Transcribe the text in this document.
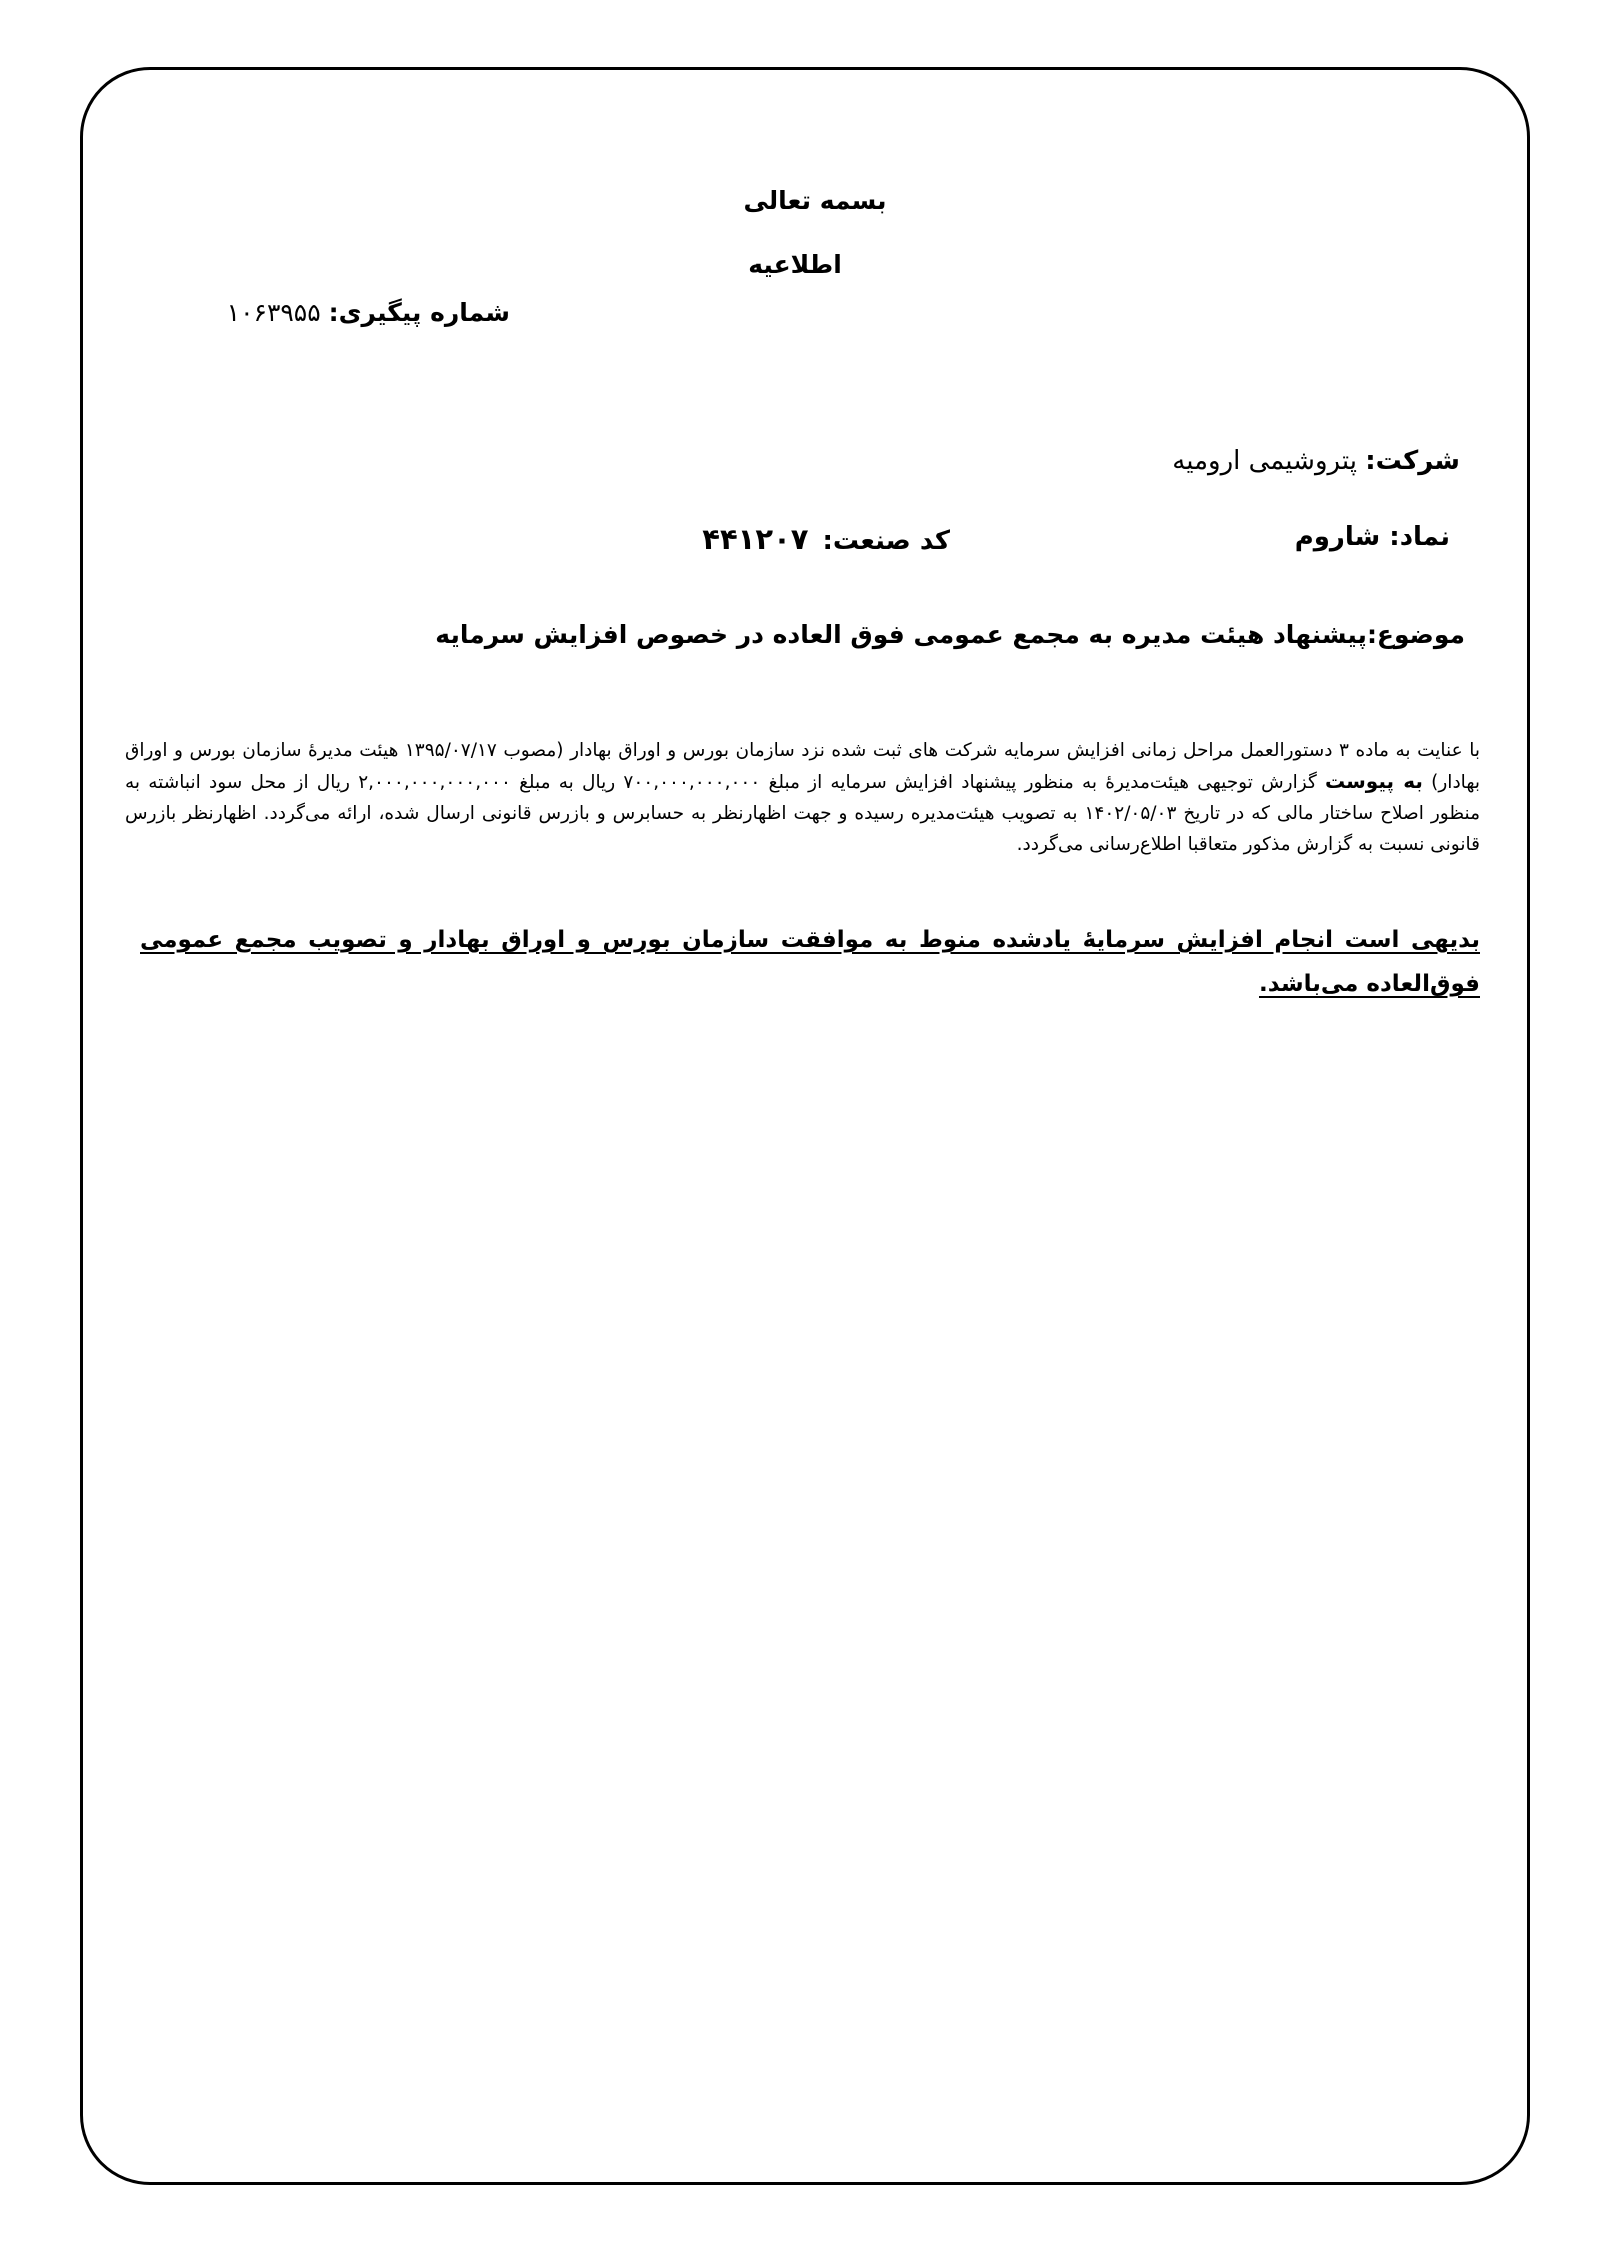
بسمه تعالی
اطلاعیه
شماره پیگیری: ۱۰۶۳۹۵۵
شرکت: پتروشیمی ارومیه
نماد: شاروم
کد صنعت:۴۴۱۲۰۷
موضوع:پیشنهاد هیئت مدیره به مجمع عمومی فوق العاده در خصوص افزایش سرمایه
با عنایت به ماده ۳ دستورالعمل مراحل زمانی افزایش سرمایه شرکت های ثبت شده نزد سازمان بورس و اوراق بهادار (مصوب ۱۳۹۵/۰۷/۱۷ هیئت مدیرهٔ سازمان بورس و اوراق بهادار) به پیوست گزارش توجیهی هیئت‌مدیرهٔ به منظور پیشنهاد افزایش سرمایه از مبلغ ۷۰۰,۰۰۰,۰۰۰,۰۰۰ ریال به مبلغ ۲,۰۰۰,۰۰۰,۰۰۰,۰۰۰ ریال از محل سود انباشته به منظور اصلاح ساختار مالی که در تاریخ ۱۴۰۲/۰۵/۰۳ به تصویب هیئت‌مدیره رسیده و جهت اظهارنظر به حسابرس و بازرس قانونی ارسال شده، ارائه می‌گردد. اظهارنظر بازرس قانونی نسبت به گزارش مذکور متعاقبا اطلاع‌رسانی می‌گردد.
بدیهی است انجام افزایش سرمایهٔ یادشده منوط به موافقت سازمان بورس و اوراق بهادار و تصویب مجمع عمومی فوق‌العاده می‌باشد.
